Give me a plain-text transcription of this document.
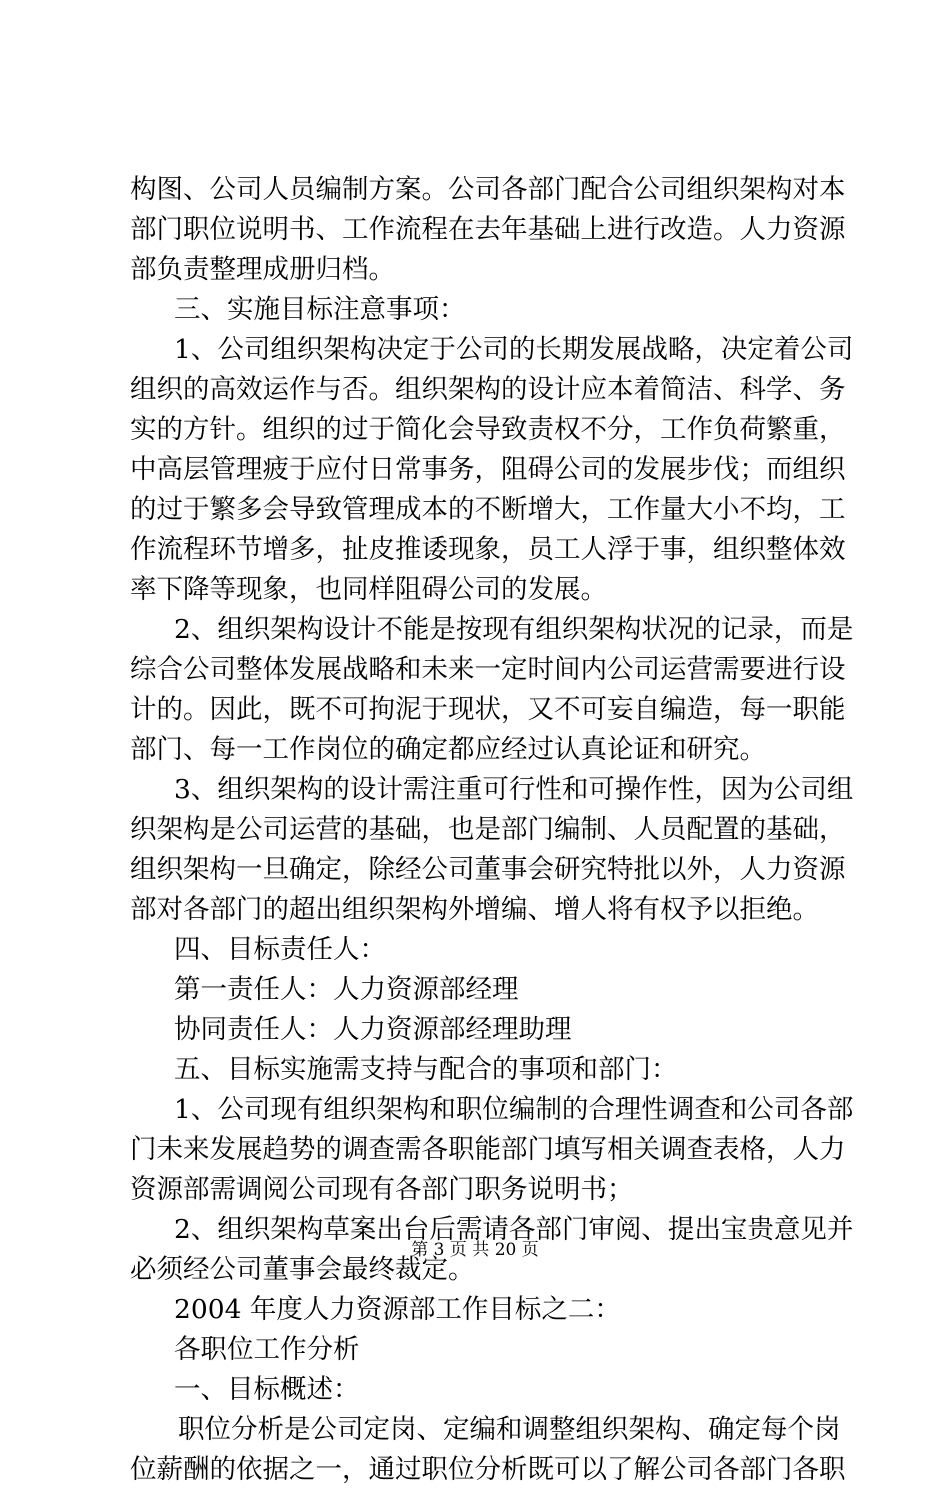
构图、公司人员编制方案。公司各部门配合公司组织架构对本
部门职位说明书、工作流程在去年基础上进行改造。人力资源
部负责整理成册归档。
三、实施目标注意事项：
1、公司组织架构决定于公司的长期发展战略，决定着公司
组织的高效运作与否。组织架构的设计应本着简洁、科学、务
实的方针。组织的过于简化会导致责权不分，工作负荷繁重，
中高层管理疲于应付日常事务，阻碍公司的发展步伐；而组织
的过于繁多会导致管理成本的不断增大，工作量大小不均，工
作流程环节增多，扯皮推诿现象，员工人浮于事，组织整体效
率下降等现象，也同样阻碍公司的发展。
2、组织架构设计不能是按现有组织架构状况的记录，而是
综合公司整体发展战略和未来一定时间内公司运营需要进行设
计的。因此，既不可拘泥于现状，又不可妄自编造，每一职能
部门、每一工作岗位的确定都应经过认真论证和研究。
3、组织架构的设计需注重可行性和可操作性，因为公司组
织架构是公司运营的基础，也是部门编制、人员配置的基础，
组织架构一旦确定，除经公司董事会研究特批以外，人力资源
部对各部门的超出组织架构外增编、增人将有权予以拒绝。
四、目标责任人：
第一责任人：人力资源部经理
协同责任人：人力资源部经理助理
五、目标实施需支持与配合的事项和部门：
1、公司现有组织架构和职位编制的合理性调查和公司各部
门未来发展趋势的调查需各职能部门填写相关调查表格，人力
资源部需调阅公司现有各部门职务说明书；
2、组织架构草案出台后需请各部门审阅、提出宝贵意见并
必须经公司董事会最终裁定。
2004 年度人力资源部工作目标之二：
各职位工作分析
一、目标概述：
职位分析是公司定岗、定编和调整组织架构、确定每个岗
位薪酬的依据之一，通过职位分析既可以了解公司各部门各职
第 3 页 共 20 页
